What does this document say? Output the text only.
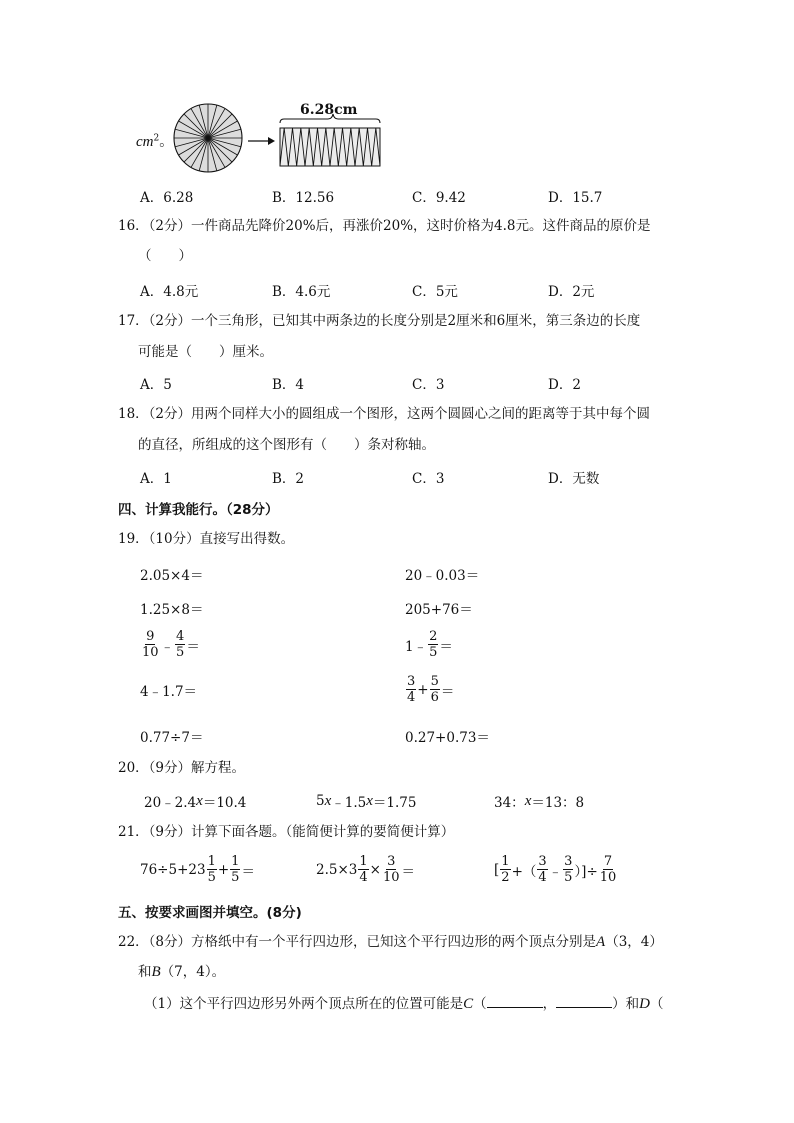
$cm^2$。
6.28cm
A．6.28	B．12.56	C．9.42	D．15.7
16．（2分）一件商品先降价20%后，再涨价20%，这时价格为4.8元。这件商品的原价是
（　　）
A．4.8元	B．4.6元	C．5元	D．2元
17．（2分）一个三角形，已知其中两条边的长度分别是2厘米和6厘米，第三条边的长度
可能是（　　）厘米。
A．5	B．4	C．3	D．2
18．（2分）用两个同样大小的圆组成一个图形，这两个圆圆心之间的距离等于其中每个圆
的直径，所组成的这个图形有（　　）条对称轴。
A．1	B．2	C．3	D．无数
四、计算我能行。（28分）
19．（10分）直接写出得数。
2.05×4＝	20﹣0.03＝
1.25×8＝	205+76＝
$\frac{9}{10}$ ﹣ $\frac{4}{5}$ ＝	1﹣ $\frac{2}{5}$ ＝
4﹣1.7＝	$\frac{3}{4} + \frac{5}{6}$ ＝
0.77÷7＝	0.27+0.73＝
20．（9分）解方程。
20﹣2.4 x ＝10.4	5 x ﹣1.5 x ＝1.75	34： x ＝13：8
21．（9分）计算下面各题。（能简便计算的要简便计算）
$76\div 5+23 \frac{1}{5} + \frac{1}{5}$ ＝	$2.5\times 3 \frac{1}{4} \times \frac{3}{10}$ ＝	[ $\frac{1}{2}$ +（ $\frac{3}{4}$ ﹣ $\frac{3}{5}$ ）]÷ $\frac{7}{10}$
五、按要求画图并填空。(8分)
22．（8分）方格纸中有一个平行四边形，已知这个平行四边形的两个顶点分别是A（3，4）
和B（7，4）。
（1）这个平行四边形另外两个顶点所在的位置可能是C（	，	）和D（
